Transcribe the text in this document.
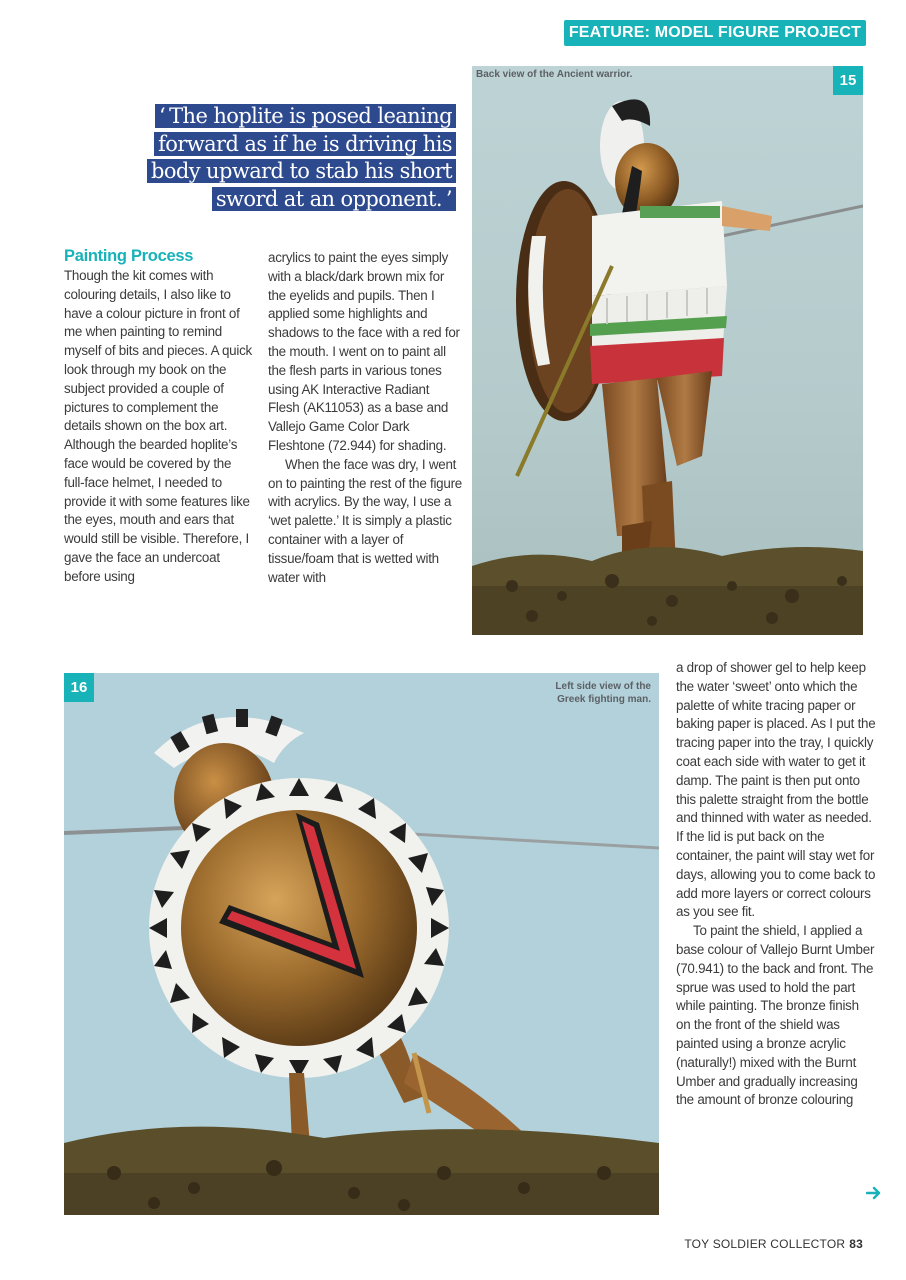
FEATURE: MODEL FIGURE PROJECT
‘ The hoplite is posed leaning forward as if he is driving his body upward to stab his short sword at an opponent. ’
Back view of the Ancient warrior.	15
Painting Process

Though the kit comes with colouring details, I also like to have a colour picture in front of me when painting to remind myself of bits and pieces. A quick look through my book on the subject provided a couple of pictures to complement the details shown on the box art. Although the bearded hoplite’s face would be covered by the full-face helmet, I needed to provide it with some features like the eyes, mouth and ears that would still be visible. Therefore, I gave the face an undercoat before using

acrylics to paint the eyes simply with a black/dark brown mix for the eyelids and pupils. Then I applied some highlights and shadows to the face with a red for the mouth. I went on to paint all the flesh parts in various tones using AK Interactive Radiant Flesh (AK11053) as a base and Vallejo Game Color Dark Fleshtone (72.944) for shading.

When the face was dry, I went on to painting the rest of the figure with acrylics. By the way, I use a ‘wet palette.’ It is simply a plastic container with a layer of tissue/foam that is wetted with water with

16	Left side view of the Greek fighting man.

a drop of shower gel to help keep the water ‘sweet’ onto which the palette of white tracing paper or baking paper is placed. As I put the tracing paper into the tray, I quickly coat each side with water to get it damp. The paint is then put onto this palette straight from the bottle and thinned with water as needed. If the lid is put back on the container, the paint will stay wet for days, allowing you to come back to add more layers or correct colours as you see fit.

To paint the shield, I applied a base colour of Vallejo Burnt Umber (70.941) to the back and front. The sprue was used to hold the part while painting. The bronze finish on the front of the shield was painted using a bronze acrylic (naturally!) mixed with the Burnt Umber and gradually increasing the amount of bronze colouring

TOY SOLDIER COLLECTOR 83
